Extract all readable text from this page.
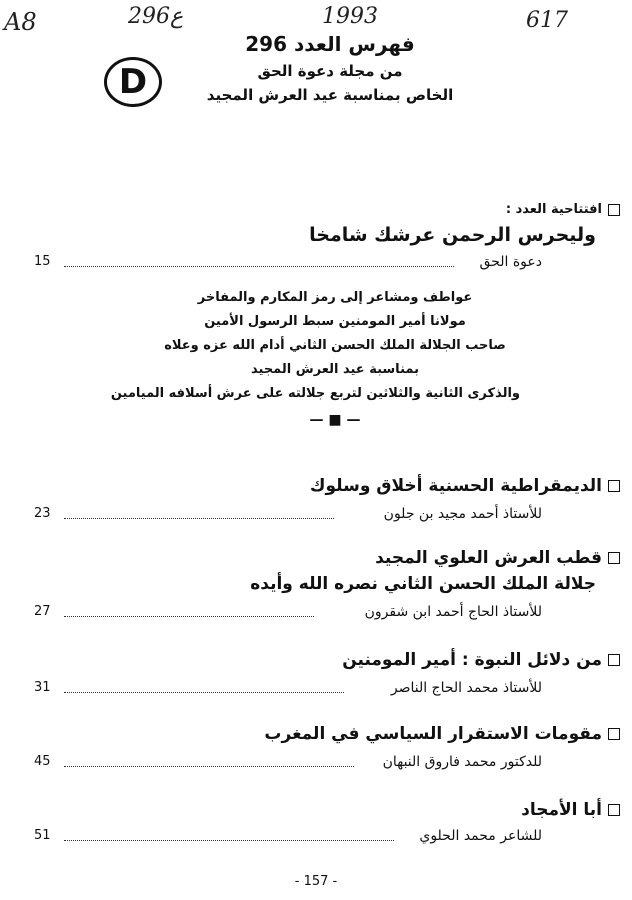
A8	296ع	1993	617
فهرس العدد 296
من مجلة دعوة الحق
الخاص بمناسبة عيد العرش المجيد
D
افتتاحية العدد :
وليحرس الرحمن عرشك شامخا
15	دعوة الحق
عواطف ومشاعر إلى رمز المكارم والمفاخر
مولانا أمير المومنين سبط الرسول الأمين
صاحب الجلالة الملك الحسن الثاني أدام الله عزه وعلاه
بمناسبة عيد العرش المجيد
والذكرى الثانية والثلاثين لتربع جلالته على عرش أسلافه الميامين
— ■ —
الديمقراطية الحسنية أخلاق وسلوك
23	للأستاذ أحمد مجيد بن جلون
قطب العرش العلوي المجيد
جلالة الملك الحسن الثاني نصره الله وأيده
27	للأستاذ الحاج أحمد ابن شقرون
من دلائل النبوة : أمير المومنين
31	للأستاذ محمد الحاج الناصر
مقومات الاستقرار السياسي في المغرب
45	للدكتور محمد فاروق النبهان
أبا الأمجاد
51	للشاعر محمد الحلوي
- 157 -
